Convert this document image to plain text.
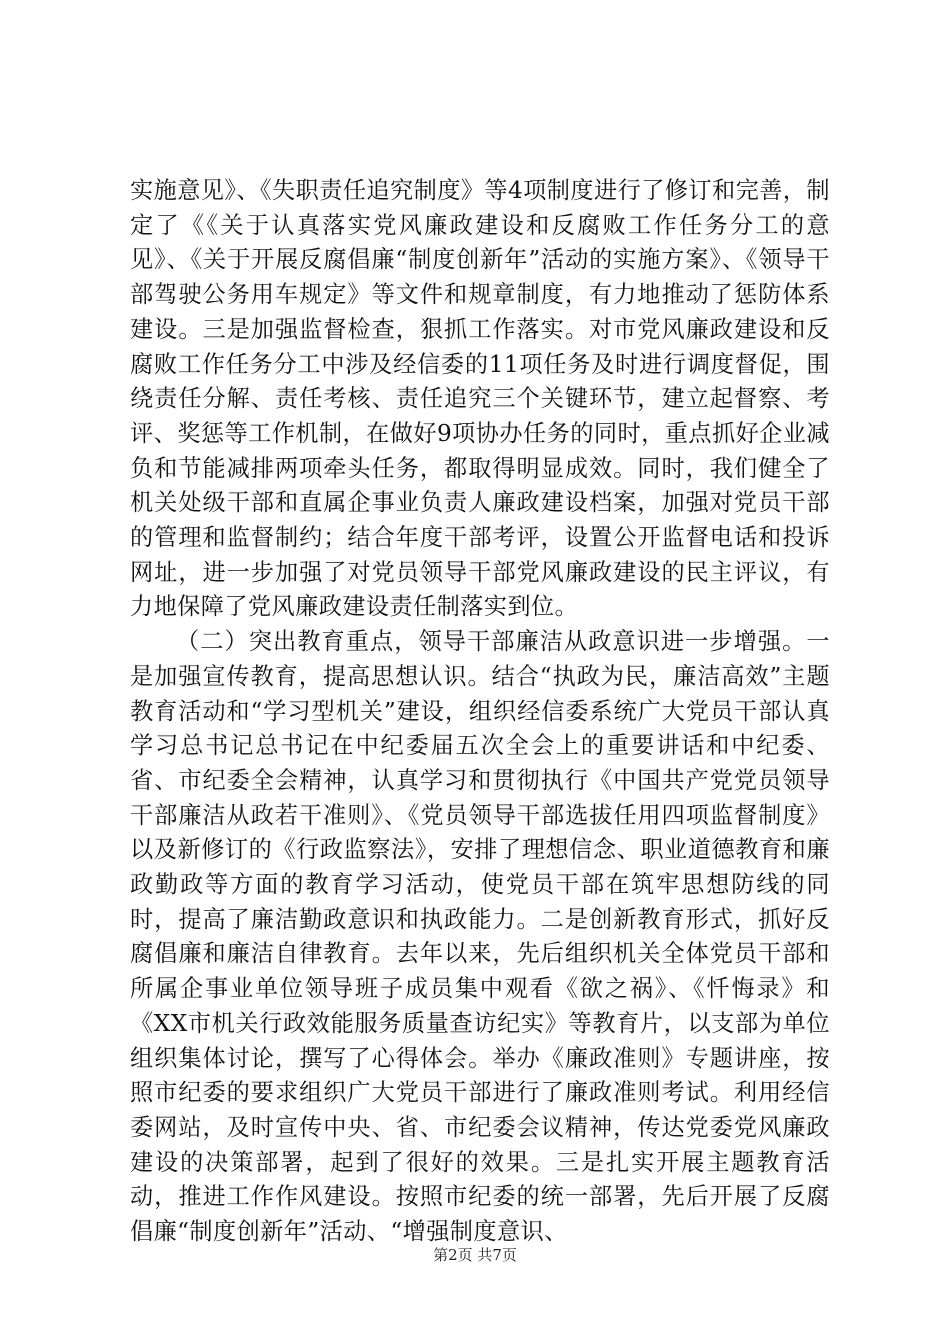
实施意见》、《失职责任追究制度》等4项制度进行了修订和完善，制定了《《关于认真落实党风廉政建设和反腐败工作任务分工的意见》、《关于开展反腐倡廉“制度创新年”活动的实施方案》、《领导干部驾驶公务用车规定》等文件和规章制度，有力地推动了惩防体系建设。三是加强监督检查，狠抓工作落实。对市党风廉政建设和反腐败工作任务分工中涉及经信委的11项任务及时进行调度督促，围绕责任分解、责任考核、责任追究三个关键环节，建立起督察、考评、奖惩等工作机制，在做好9项协办任务的同时，重点抓好企业减负和节能减排两项牵头任务，都取得明显成效。同时，我们健全了机关处级干部和直属企事业负责人廉政建设档案，加强对党员干部的管理和监督制约；结合年度干部考评，设置公开监督电话和投诉网址，进一步加强了对党员领导干部党风廉政建设的民主评议，有力地保障了党风廉政建设责任制落实到位。

（二）突出教育重点，领导干部廉洁从政意识进一步增强。一是加强宣传教育，提高思想认识。结合“执政为民，廉洁高效”主题教育活动和“学习型机关”建设，组织经信委系统广大党员干部认真学习总书记总书记在中纪委届五次全会上的重要讲话和中纪委、省、市纪委全会精神，认真学习和贯彻执行《中国共产党党员领导干部廉洁从政若干准则》、《党员领导干部选拔任用四项监督制度》以及新修订的《行政监察法》，安排了理想信念、职业道德教育和廉政勤政等方面的教育学习活动，使党员干部在筑牢思想防线的同时，提高了廉洁勤政意识和执政能力。二是创新教育形式，抓好反腐倡廉和廉洁自律教育。去年以来，先后组织机关全体党员干部和所属企事业单位领导班子成员集中观看《欲之祸》、《忏悔录》和《XX市机关行政效能服务质量查访纪实》等教育片，以支部为单位组织集体讨论，撰写了心得体会。举办《廉政准则》专题讲座，按照市纪委的要求组织广大党员干部进行了廉政准则考试。利用经信委网站，及时宣传中央、省、市纪委会议精神，传达党委党风廉政建设的决策部署，起到了很好的效果。三是扎实开展主题教育活动，推进工作作风建设。按照市纪委的统一部署，先后开展了反腐倡廉“制度创新年”活动、“增强制度意识、

第2页 共7页
